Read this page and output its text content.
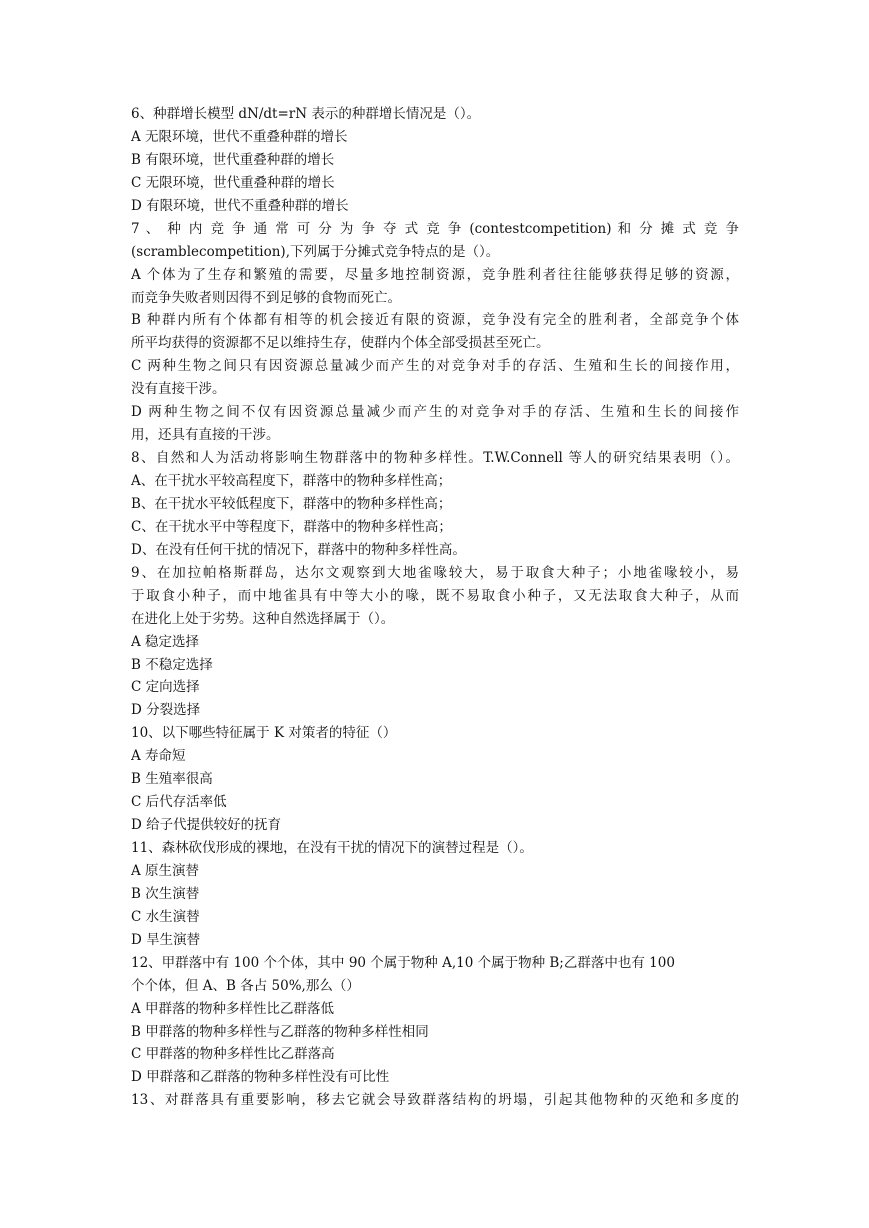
6、种群增长模型 dN/dt=rN 表示的种群增长情况是（）。
A 无限环境，世代不重叠种群的增长
B 有限环境，世代重叠种群的增长
C 无限环境，世代重叠种群的增长
D 有限环境，世代不重叠种群的增长
7 、 种 内 竞 争 通 常 可 分 为 争 夺 式 竞 争 (contestcompetition) 和 分 摊 式 竞 争
(scramblecompetition),下列属于分摊式竞争特点的是（）。
A 个体为了生存和繁殖的需要，尽量多地控制资源，竞争胜利者往往能够获得足够的资源，
而竞争失败者则因得不到足够的食物而死亡。
B 种群内所有个体都有相等的机会接近有限的资源，竞争没有完全的胜利者，全部竞争个体
所平均获得的资源都不足以维持生存，使群内个体全部受损甚至死亡。
C 两种生物之间只有因资源总量减少而产生的对竞争对手的存活、生殖和生长的间接作用，
没有直接干涉。
D 两种生物之间不仅有因资源总量减少而产生的对竞争对手的存活、生殖和生长的间接作
用，还具有直接的干涉。
8、自然和人为活动将影响生物群落中的物种多样性。T.W.Connell 等人的研究结果表明（）。
A、在干扰水平较高程度下，群落中的物种多样性高；
B、在干扰水平较低程度下，群落中的物种多样性高；
C、在干扰水平中等程度下，群落中的物种多样性高；
D、在没有任何干扰的情况下，群落中的物种多样性高。
9、在加拉帕格斯群岛，达尔文观察到大地雀喙较大，易于取食大种子；小地雀喙较小，易
于取食小种子，而中地雀具有中等大小的喙，既不易取食小种子，又无法取食大种子，从而
在进化上处于劣势。这种自然选择属于（）。
A 稳定选择
B 不稳定选择
C 定向选择
D 分裂选择
10、以下哪些特征属于 K 对策者的特征（）
A 寿命短
B 生殖率很高
C 后代存活率低
D 给子代提供较好的抚育
11、森林砍伐形成的裸地，在没有干扰的情况下的演替过程是（）。
A 原生演替
B 次生演替
C 水生演替
D 旱生演替
12、甲群落中有 100 个个体，其中 90 个属于物种 A,10 个属于物种 B;乙群落中也有 100
个个体，但 A、B 各占 50%,那么（）
A 甲群落的物种多样性比乙群落低
B 甲群落的物种多样性与乙群落的物种多样性相同
C 甲群落的物种多样性比乙群落高
D 甲群落和乙群落的物种多样性没有可比性
13、对群落具有重要影响，移去它就会导致群落结构的坍塌，引起其他物种的灭绝和多度的
